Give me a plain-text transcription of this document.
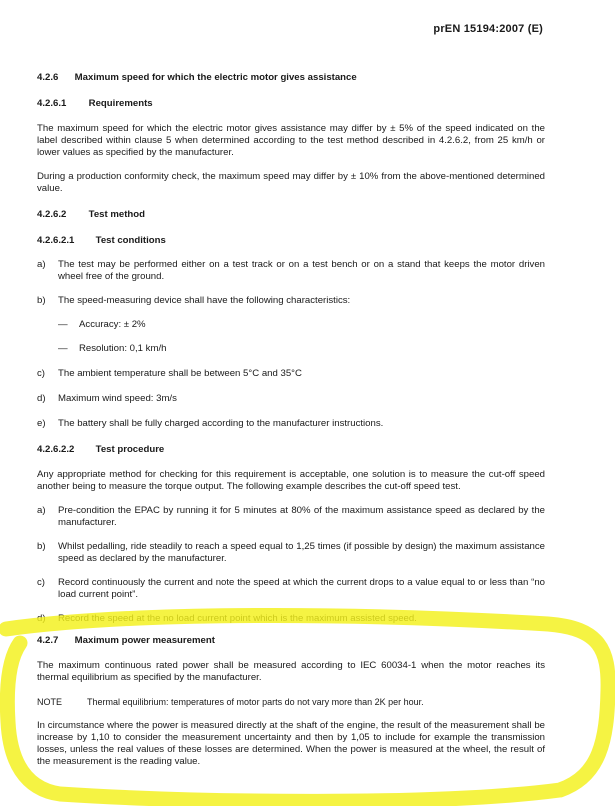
prEN 15194:2007 (E)

4.2.6 Maximum speed for which the electric motor gives assistance

4.2.6.1 Requirements

The maximum speed for which the electric motor gives assistance may differ by ± 5% of the speed indicated on the label described within clause 5 when determined according to the test method described in 4.2.6.2, from 25 km/h or lower values as specified by the manufacturer.

During a production conformity check, the maximum speed may differ by ± 10% from the above-mentioned determined value.

4.2.6.2 Test method

4.2.6.2.1 Test conditions

a)	The test may be performed either on a test track or on a test bench or on a stand that keeps the motor driven wheel free of the ground.
b)	The speed-measuring device shall have the following characteristics:
—	Accuracy: ± 2%
—	Resolution: 0,1 km/h
c)	The ambient temperature shall be between 5°C and 35°C
d)	Maximum wind speed: 3m/s
e)	The battery shall be fully charged according to the manufacturer instructions.

4.2.6.2.2 Test procedure

Any appropriate method for checking for this requirement is acceptable, one solution is to measure the cut-off speed another being to measure the torque output. The following example describes the cut-off speed test.

a)	Pre-condition the EPAC by running it for 5 minutes at 80% of the maximum assistance speed as declared by the manufacturer.
b)	Whilst pedalling, ride steadily to reach a speed equal to 1,25 times (if possible by design) the maximum assistance speed as declared by the manufacturer.
c)	Record continuously the current and note the speed at which the current drops to a value equal to or less than “no load current point”.
d)	Record the speed at the no load current point which is the maximum assisted speed.

4.2.7 Maximum power measurement

The maximum continuous rated power shall be measured according to IEC 60034-1 when the motor reaches its thermal equilibrium as specified by the manufacturer.

NOTE	Thermal equilibrium: temperatures of motor parts do not vary more than 2K per hour.

In circumstance where the power is measured directly at the shaft of the engine, the result of the measurement shall be increase by 1,10 to consider the measurement uncertainty and then by 1,05 to include for example the transmission losses, unless the real values of these losses are determined. When the power is measured at the wheel, the result of the measurement is the reading value.
